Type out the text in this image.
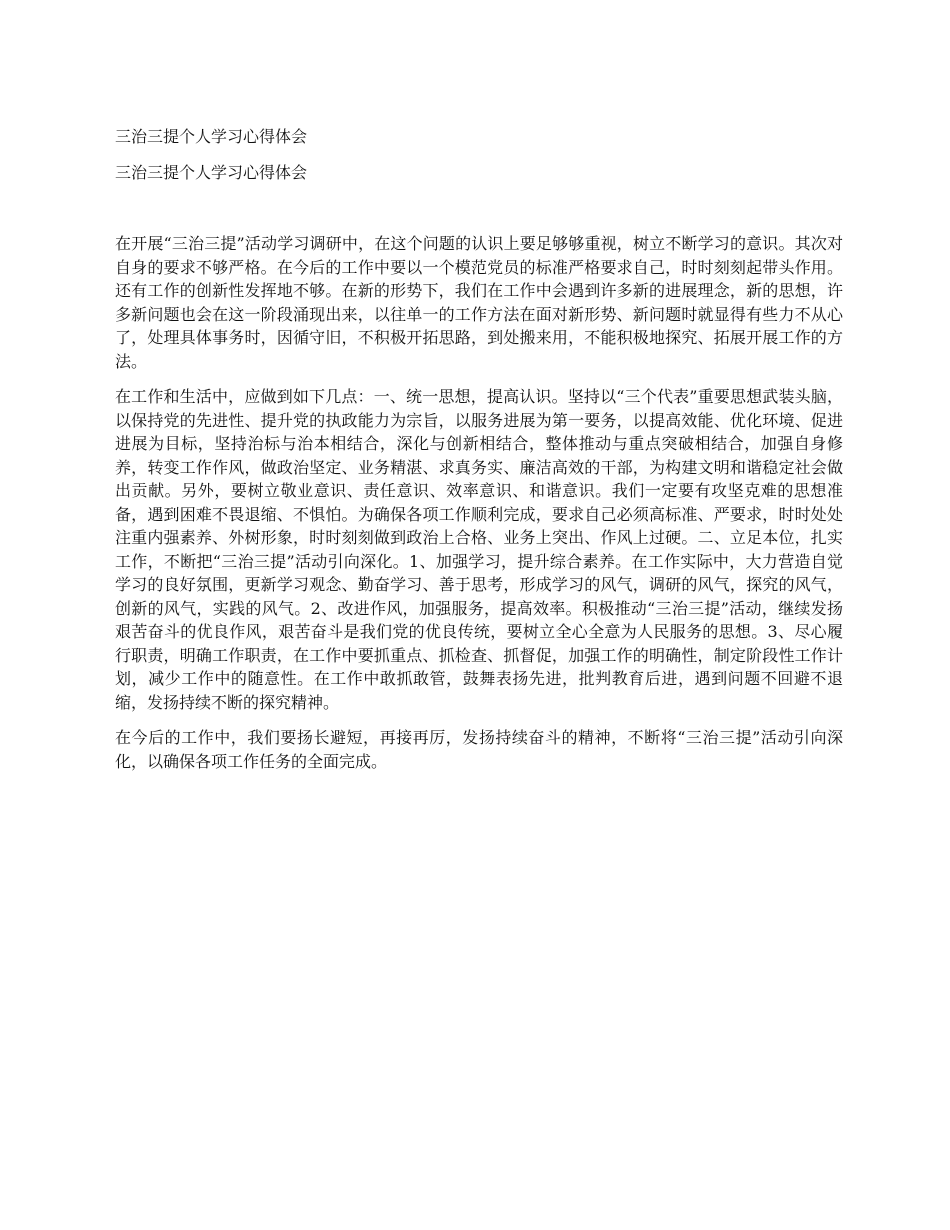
三治三提个人学习心得体会
三治三提个人学习心得体会

在开展“三治三提”活动学习调研中，在这个问题的认识上要足够够重视，树立不断学习的意识。其次对自身的要求不够严格。在今后的工作中要以一个模范党员的标准严格要求自己，时时刻刻起带头作用。还有工作的创新性发挥地不够。在新的形势下，我们在工作中会遇到许多新的进展理念，新的思想，许多新问题也会在这一阶段涌现出来，以往单一的工作方法在面对新形势、新问题时就显得有些力不从心了，处理具体事务时，因循守旧，不积极开拓思路，到处搬来用，不能积极地探究、拓展开展工作的方法。

在工作和生活中，应做到如下几点：一、统一思想，提高认识。坚持以“三个代表”重要思想武装头脑，以保持党的先进性、提升党的执政能力为宗旨，以服务进展为第一要务，以提高效能、优化环境、促进进展为目标，坚持治标与治本相结合，深化与创新相结合，整体推动与重点突破相结合，加强自身修养，转变工作作风，做政治坚定、业务精湛、求真务实、廉洁高效的干部，为构建文明和谐稳定社会做出贡献。另外，要树立敬业意识、责任意识、效率意识、和谐意识。我们一定要有攻坚克难的思想准备，遇到困难不畏退缩、不惧怕。为确保各项工作顺利完成，要求自己必须高标准、严要求，时时处处注重内强素养、外树形象，时时刻刻做到政治上合格、业务上突出、作风上过硬。二、立足本位，扎实工作，不断把“三治三提”活动引向深化。1、加强学习，提升综合素养。在工作实际中，大力营造自觉学习的良好氛围，更新学习观念、勤奋学习、善于思考，形成学习的风气，调研的风气，探究的风气，创新的风气，实践的风气。2、改进作风，加强服务，提高效率。积极推动“三治三提”活动，继续发扬艰苦奋斗的优良作风，艰苦奋斗是我们党的优良传统，要树立全心全意为人民服务的思想。3、尽心履行职责，明确工作职责，在工作中要抓重点、抓检查、抓督促，加强工作的明确性，制定阶段性工作计划，减少工作中的随意性。在工作中敢抓敢管，鼓舞表扬先进，批判教育后进，遇到问题不回避不退缩，发扬持续不断的探究精神。

在今后的工作中，我们要扬长避短，再接再厉，发扬持续奋斗的精神，不断将“三治三提”活动引向深化，以确保各项工作任务的全面完成。
